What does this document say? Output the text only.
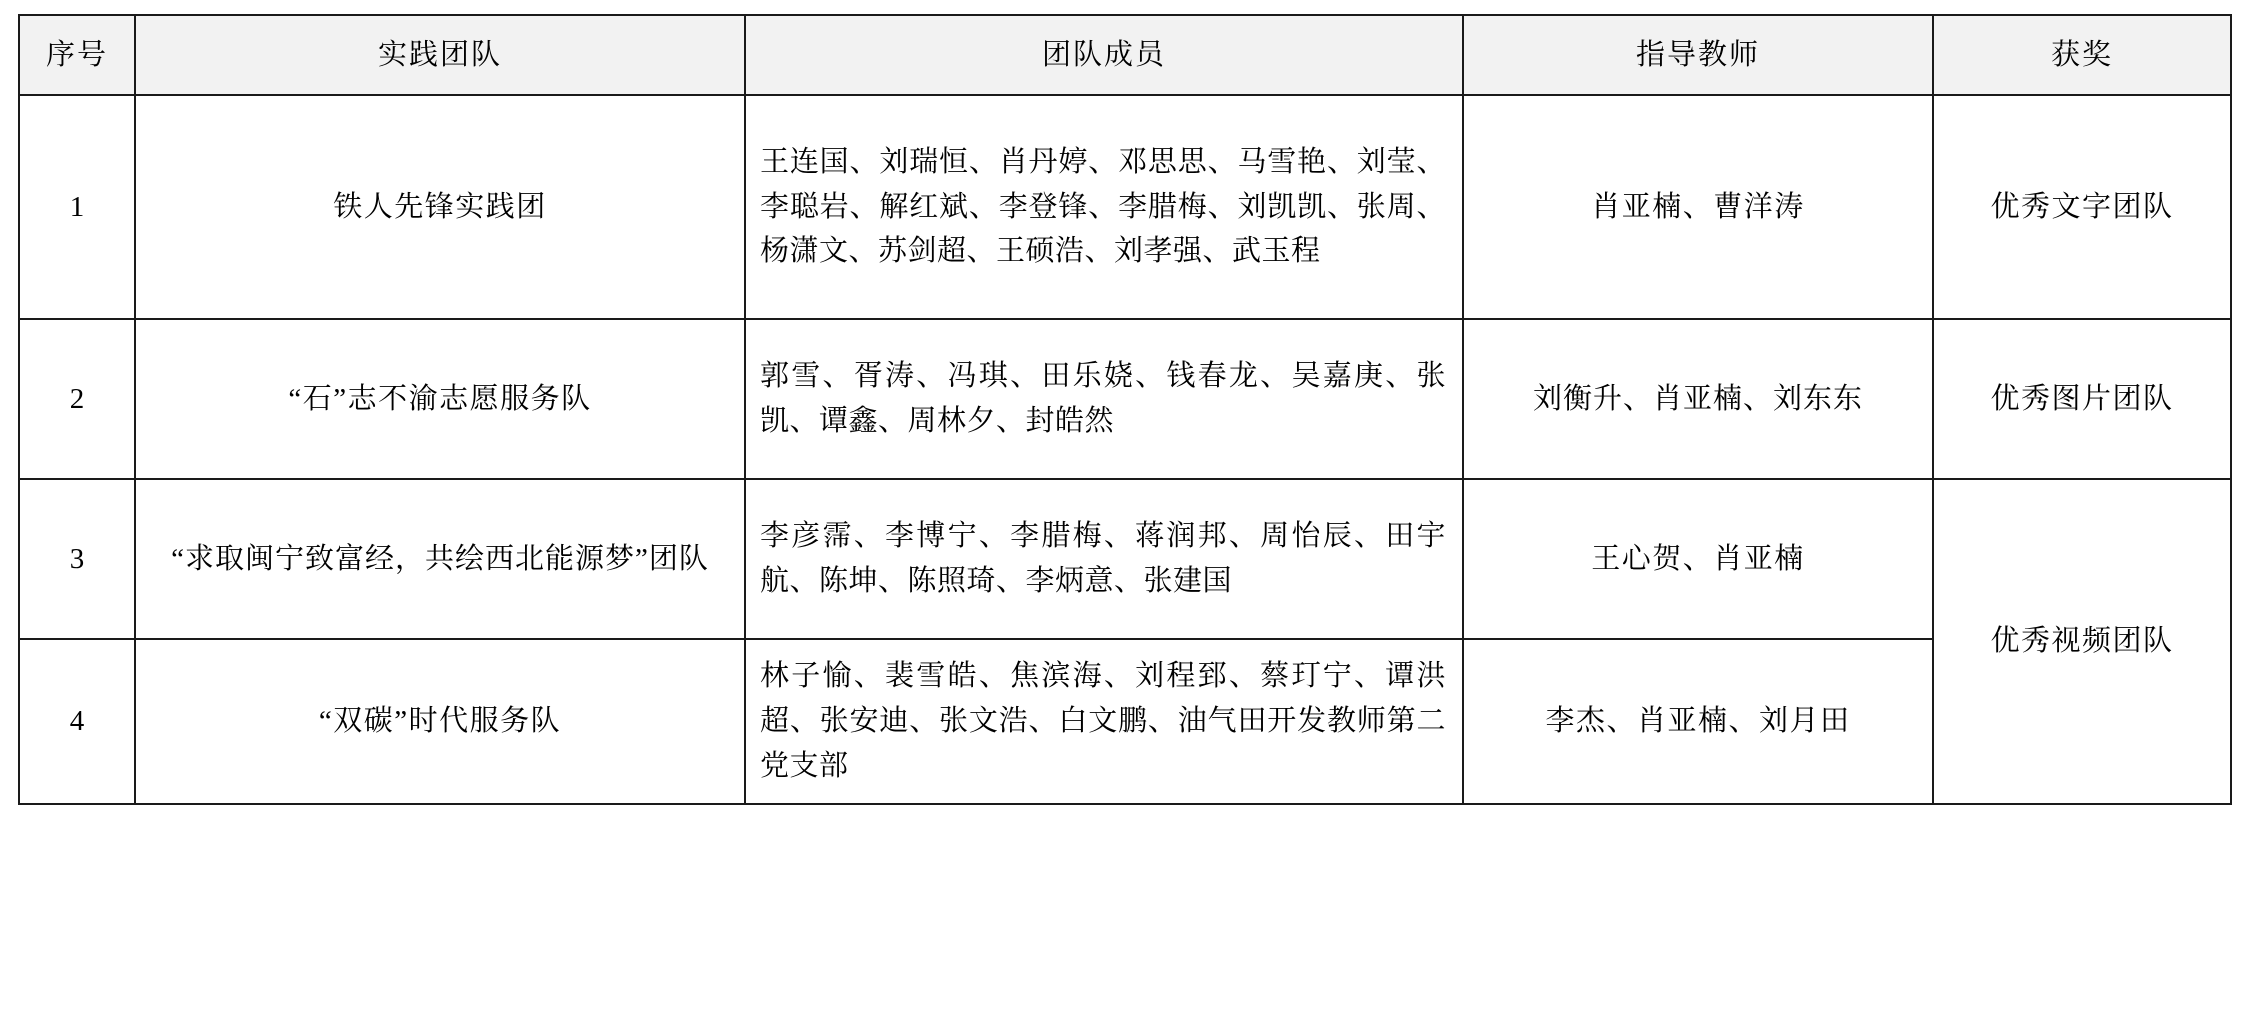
序号	实践团队	团队成员	指导教师	获奖
1	铁人先锋实践团	王连国、刘瑞恒、肖丹婷、邓思思、马雪艳、刘莹、李聪岩、解红斌、李登锋、李腊梅、刘凯凯、张周、杨潇文、苏剑超、王硕浩、刘孝强、武玉程	肖亚楠、曹洋涛	优秀文字团队

2	“石”志不渝志愿服务队	郭雪、胥涛、冯琪、田乐娆、钱春龙、吴嘉庚、张凯、谭鑫、周林夕、封皓然	刘衡升、肖亚楠、刘东东	优秀图片团队

3	“求取闽宁致富经，共绘西北能源梦”团队	李彦霈、李博宁、李腊梅、蒋润邦、周怡辰、田宇航、陈坤、陈照琦、李炳意、张建国	王心贺、肖亚楠	优秀视频团队

4	“双碳”时代服务队	林子愉、裴雪皓、焦滨海、刘程郅、蔡玎宁、谭洪超、张安迪、张文浩、白文鹏、油气田开发教师第二党支部	李杰、肖亚楠、刘月田	
